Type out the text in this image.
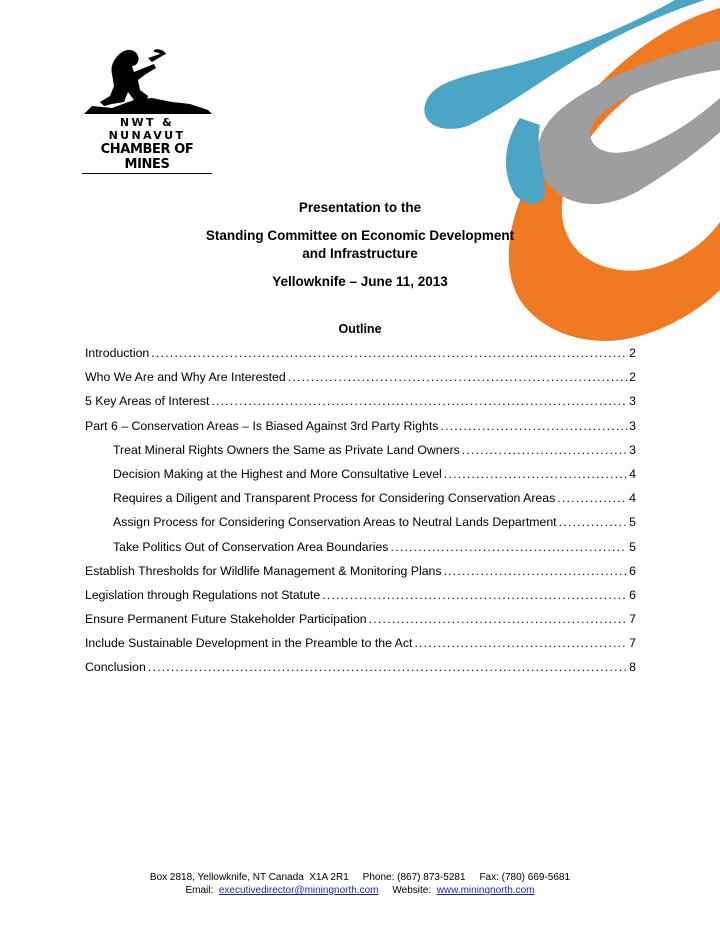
NWT & NUNAVUT
CHAMBER OF MINES
Presentation to the
Standing Committee on Economic Development
and Infrastructure
Yellowknife – June 11, 2013
Outline
Introduction .....	2
Who We Are and Why Are Interested .....	2
5 Key Areas of Interest .....	3
Part 6 – Conservation Areas – Is Biased Against 3rd Party Rights .....	3
Treat Mineral Rights Owners the Same as Private Land Owners .....	3
Decision Making at the Highest and More Consultative Level .....	4
Requires a Diligent and Transparent Process for Considering Conservation Areas .....	4
Assign Process for Considering Conservation Areas to Neutral Lands Department .....	5
Take Politics Out of Conservation Area Boundaries .....	5
Establish Thresholds for Wildlife Management & Monitoring Plans .....	6
Legislation through Regulations not Statute .....	6
Ensure Permanent Future Stakeholder Participation .....	7
Include Sustainable Development in the Preamble to the Act .....	7
Conclusion .....	8
Box 2818, Yellowknife, NT Canada  X1A 2R1 Phone: (867) 873-5281 Fax: (780) 669-5681
Email: executivedirector@miningnorth.com Website: www.miningnorth.com
